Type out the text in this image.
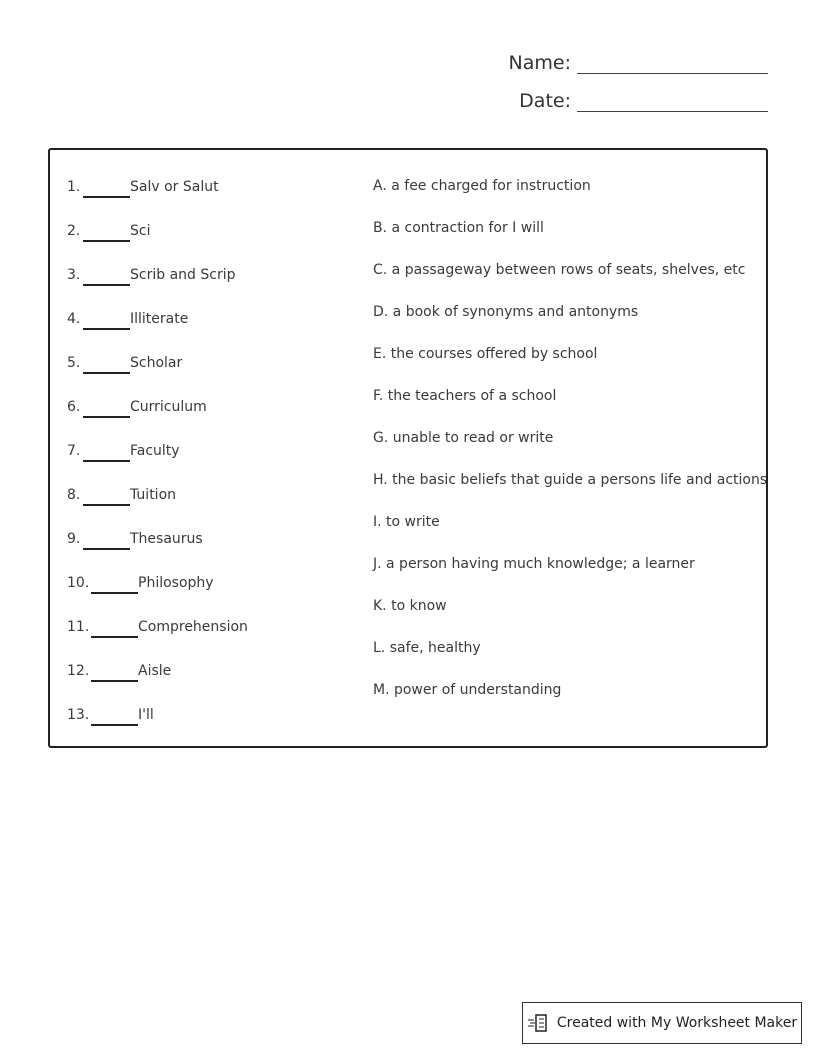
Name:
Date:
1.	Salv or Salut
2.	Sci
3.	Scrib and Scrip
4.	Illiterate
5.	Scholar
6.	Curriculum
7.	Faculty
8.	Tuition
9.	Thesaurus
10.	Philosophy
11.	Comprehension
12.	Aisle
13.	I'll
A. a fee charged for instruction
B. a contraction for I will
C. a passageway between rows of seats, shelves, etc
D. a book of synonyms and antonyms
E. the courses offered by school
F. the teachers of a school
G. unable to read or write
H. the basic beliefs that guide a persons life and actions
I. to write
J. a person having much knowledge; a learner
K. to know
L. safe, healthy
M. power of understanding
Created with My Worksheet Maker
